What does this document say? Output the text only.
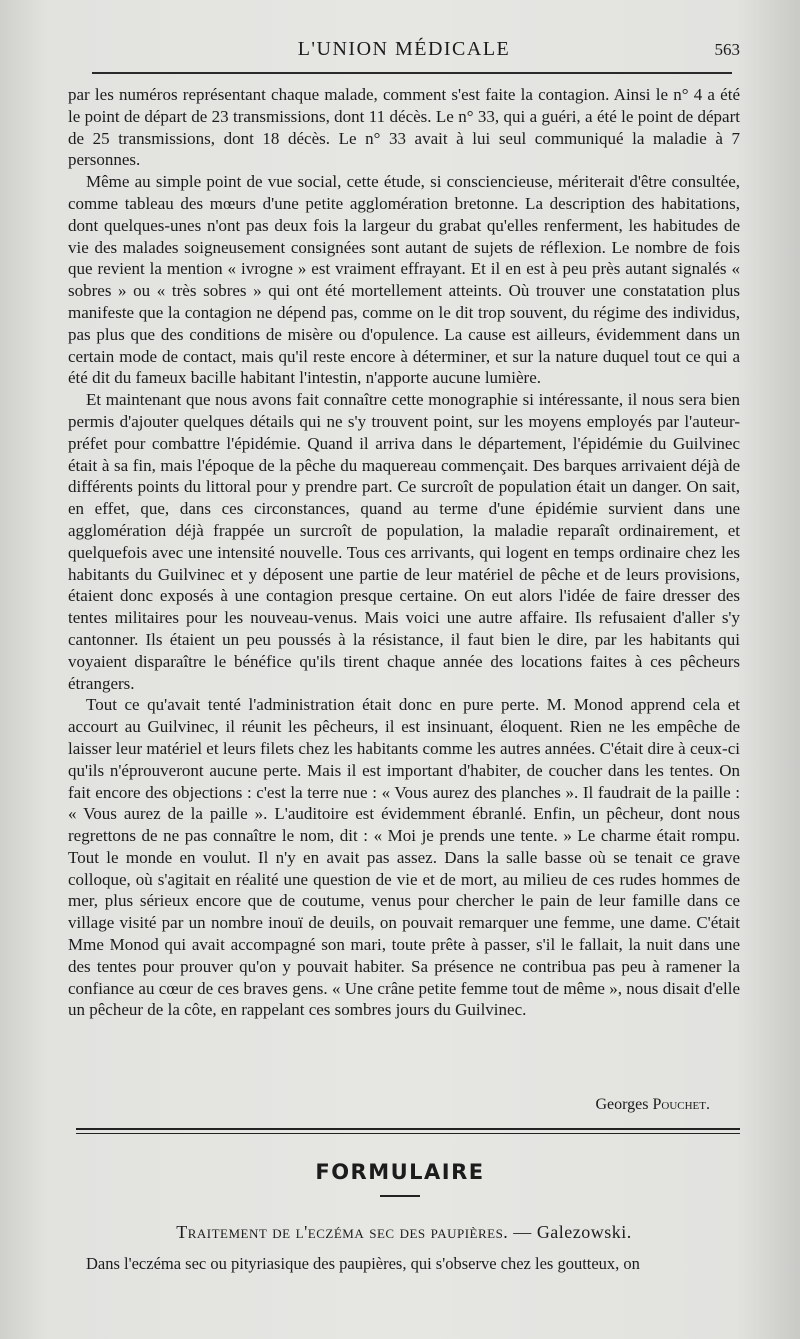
L'UNION MÉDICALE	563

par les numéros représentant chaque malade, comment s'est faite la contagion. Ainsi le n° 4 a été le point de départ de 23 transmissions, dont 11 décès. Le n° 33, qui a guéri, a été le point de départ de 25 transmissions, dont 18 décès. Le n° 33 avait à lui seul communiqué la maladie à 7 personnes.

Même au simple point de vue social, cette étude, si consciencieuse, mériterait d'être consultée, comme tableau des mœurs d'une petite agglomération bretonne. La description des habitations, dont quelques-unes n'ont pas deux fois la largeur du grabat qu'elles renferment, les habitudes de vie des malades soigneusement consignées sont autant de sujets de réflexion. Le nombre de fois que revient la mention « ivrogne » est vraiment effrayant. Et il en est à peu près autant signalés « sobres » ou « très sobres » qui ont été mortellement atteints. Où trouver une constatation plus manifeste que la contagion ne dépend pas, comme on le dit trop souvent, du régime des individus, pas plus que des conditions de misère ou d'opulence. La cause est ailleurs, évidemment dans un certain mode de contact, mais qu'il reste encore à déterminer, et sur la nature duquel tout ce qui a été dit du fameux bacille habitant l'intestin, n'apporte aucune lumière.

Et maintenant que nous avons fait connaître cette monographie si intéressante, il nous sera bien permis d'ajouter quelques détails qui ne s'y trouvent point, sur les moyens employés par l'auteur-préfet pour combattre l'épidémie. Quand il arriva dans le département, l'épidémie du Guilvinec était à sa fin, mais l'époque de la pêche du maquereau commençait. Des barques arrivaient déjà de différents points du littoral pour y prendre part. Ce surcroît de population était un danger. On sait, en effet, que, dans ces circonstances, quand au terme d'une épidémie survient dans une agglomération déjà frappée un surcroît de population, la maladie reparaît ordinairement, et quelquefois avec une intensité nouvelle. Tous ces arrivants, qui logent en temps ordinaire chez les habitants du Guilvinec et y déposent une partie de leur matériel de pêche et de leurs provisions, étaient donc exposés à une contagion presque certaine. On eut alors l'idée de faire dresser des tentes militaires pour les nouveau-venus. Mais voici une autre affaire. Ils refusaient d'aller s'y cantonner. Ils étaient un peu poussés à la résistance, il faut bien le dire, par les habitants qui voyaient disparaître le bénéfice qu'ils tirent chaque année des locations faites à ces pêcheurs étrangers.

Tout ce qu'avait tenté l'administration était donc en pure perte. M. Monod apprend cela et accourt au Guilvinec, il réunit les pêcheurs, il est insinuant, éloquent. Rien ne les empêche de laisser leur matériel et leurs filets chez les habitants comme les autres années. C'était dire à ceux-ci qu'ils n'éprouveront aucune perte. Mais il est important d'habiter, de coucher dans les tentes. On fait encore des objections : c'est la terre nue : « Vous aurez des planches ». Il faudrait de la paille : « Vous aurez de la paille ». L'auditoire est évidemment ébranlé. Enfin, un pêcheur, dont nous regrettons de ne pas connaître le nom, dit : « Moi je prends une tente. » Le charme était rompu. Tout le monde en voulut. Il n'y en avait pas assez. Dans la salle basse où se tenait ce grave colloque, où s'agitait en réalité une question de vie et de mort, au milieu de ces rudes hommes de mer, plus sérieux encore que de coutume, venus pour chercher le pain de leur famille dans ce village visité par un nombre inouï de deuils, on pouvait remarquer une femme, une dame. C'était Mme Monod qui avait accompagné son mari, toute prête à passer, s'il le fallait, la nuit dans une des tentes pour prouver qu'on y pouvait habiter. Sa présence ne contribua pas peu à ramener la confiance au cœur de ces braves gens. « Une crâne petite femme tout de même », nous disait d'elle un pêcheur de la côte, en rappelant ces sombres jours du Guilvinec.

Georges Pouchet.
FORMULAIRE
Traitement de l'eczéma sec des paupières. — Galezowski.
Dans l'eczéma sec ou pityriasique des paupières, qui s'observe chez les goutteux, on
